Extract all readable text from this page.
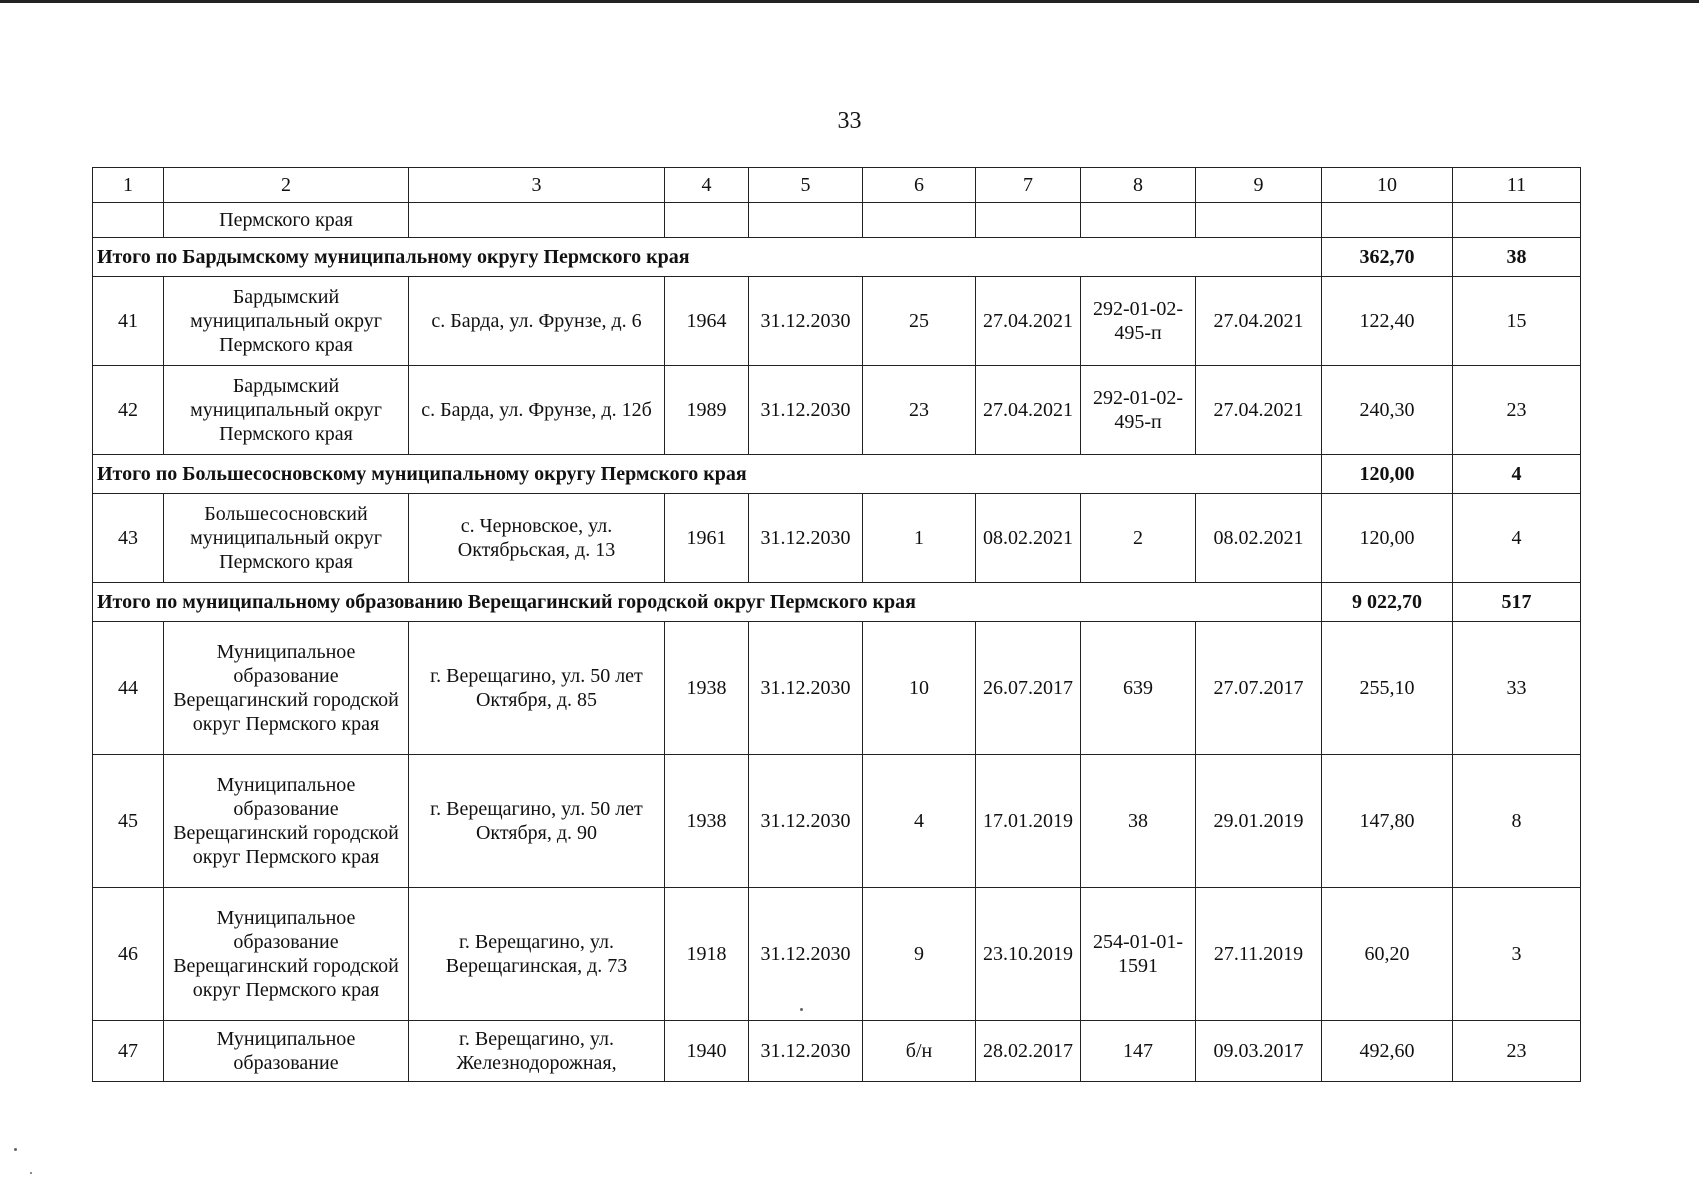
33
1	2	3	4	5	6	7	8	9	10	11
	Пермского края									
Итого по Бардымскому муниципальному округу Пермского края									362,70	38
41	Бардымский муниципальный округ Пермского края	с. Барда, ул. Фрунзе, д. 6	1964	31.12.2030	25	27.04.2021	292-01-02-495-п	27.04.2021	122,40	15
42	Бардымский муниципальный округ Пермского края	с. Барда, ул. Фрунзе, д. 12б	1989	31.12.2030	23	27.04.2021	292-01-02-495-п	27.04.2021	240,30	23
Итого по Большесосновскому муниципальному округу Пермского края									120,00	4
43	Большесосновский муниципальный округ Пермского края	с. Черновское, ул. Октябрьская, д. 13	1961	31.12.2030	1	08.02.2021	2	08.02.2021	120,00	4
Итого по муниципальному образованию Верещагинский городской округ Пермского края									9 022,70	517
44	Муниципальное образование Верещагинский городской округ Пермского края	г. Верещагино, ул. 50 лет Октября, д. 85	1938	31.12.2030	10	26.07.2017	639	27.07.2017	255,10	33
45	Муниципальное образование Верещагинский городской округ Пермского края	г. Верещагино, ул. 50 лет Октября, д. 90	1938	31.12.2030	4	17.01.2019	38	29.01.2019	147,80	8
46	Муниципальное образование Верещагинский городской округ Пермского края	г. Верещагино, ул. Верещагинская, д. 73	1918	31.12.2030	9	23.10.2019	254-01-01-1591	27.11.2019	60,20	3
47	Муниципальное образование	г. Верещагино, ул. Железнодорожная,	1940	31.12.2030	б/н	28.02.2017	147	09.03.2017	492,60	23
